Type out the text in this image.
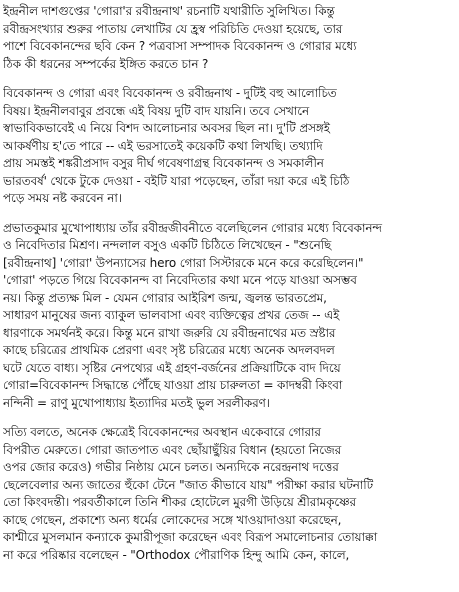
ইন্দ্রনীল দাশগুপ্তের 'গোরা'র রবীন্দ্রনাথ' রচনাটি যথারীতি সুলিখিত। কিন্তু
রবীন্দ্রসংখ্যার শুরুর পাতায় লেখাটির যে হ্রস্ব পরিচিতি দেওয়া হয়েছে, তার
পাশে বিবেকানন্দের ছবি কেন ? পত্রবাসা সম্পাদক বিবেকানন্দ ও গোরার মধ্যে
ঠিক কী ধরনের সম্পর্কের ইঙ্গিত করতে চান ?
বিবেকানন্দ ও গোরা এবং বিবেকানন্দ ও রবীন্দ্রনাথ - দুটিই বহু আলোচিত
বিষয়। ইন্দ্রনীলবাবুর প্রবন্ধে এই বিষয় দুটি বাদ যায়নি। তবে সেখানে
স্বাভাবিকভাবেই এ নিয়ে বিশদ আলোচনার অবসর ছিল না। দু'টি প্রসঙ্গই
আকর্ষণীয় হ'তে পারে -- এই ভরসাতেই কয়েকটি কথা লিখছি। তথ্যাদি
প্রায় সমস্তই শঙ্করীপ্রসাদ বসুর দীর্ঘ গবেষণাগ্রন্থ বিবেকানন্দ ও সমকালীন
ভারতবর্ষ' থেকে টুকে দেওয়া - বইটি যারা পড়েছেন, তাঁরা দয়া করে এই চিঠি
পড়ে সময় নষ্ট করবেন না।
প্রভাতকুমার মুখোপাধ্যায় তাঁর রবীন্দ্রজীবনীতে বলেছিলেন গোরার মধ্যে বিবেকানন্দ
ও নিবেদিতার মিশ্রণ। নন্দলাল বসুও একটি চিঠিতে লিখেছেন - "শুনেছি
[রবীন্দ্রনাথ] 'গোরা' উপন্যাসের hero গোরা সিস্টারকে মনে করে করেছিলেন।"
'গোরা' পড়তে গিয়ে বিবেকানন্দ বা নিবেদিতার কথা মনে পড়ে যাওয়া অসম্ভব
নয়। কিন্তু প্রত্যক্ষ মিল - যেমন গোরার আইরিশ জন্ম, জ্বলন্ত ভারতপ্রেম,
সাধারণ মানুষের জন্য ব্যাকুল ভালবাসা এবং ব্যক্তিত্বের প্রখর তেজ -- এই
ধারণাকে সমর্থনই করে। কিন্তু মনে রাখা জরুরি যে রবীন্দ্রনাথের মত স্রষ্টার
কাছে চরিত্রের প্রাথমিক প্রেরণা এবং সৃষ্ট চরিত্রের মধ্যে অনেক অদলবদল
ঘটে যেতে বাধ্য। সৃষ্টির নেপথ্যের এই গ্রহণ-বর্জনের প্রক্রিয়াটিকে বাদ দিয়ে
গোরা=বিবেকানন্দ সিদ্ধান্তে পৌঁছে যাওয়া প্রায় চারুলতা = কাদম্বরী কিংবা
নন্দিনী = রাণু মুখোপাধ্যায় ইত্যাদির মতই ভুল সরলীকরণ।
সত্যি বলতে, অনেক ক্ষেত্রেই বিবেকানন্দের অবস্থান একেবারে গোরার
বিপরীত মেরুতে। গোরা জাতপাত এবং ছোঁয়াছুঁয়ির বিধান (হয়তো নিজের
ওপর জোর করেও) গভীর নিষ্ঠায় মেনে চলত। অন্যদিকে নরেন্দ্রনাথ দত্তের
ছেলেবেলার অন্য জাতের হুঁকো টেনে "জাত কীভাবে যায়" পরীক্ষা করার ঘটনাটি
তো কিংবদন্তী। পরবর্তীকালে তিনি শীকর হোটেলে মুরগী উড়িয়ে শ্রীরামকৃষ্ণের
কাছে গেছেন, প্রকাশ্যে অন্য ধর্মের লোকেদের সঙ্গে খাওয়াদাওয়া করেছেন,
কাশ্মীরে মুসলমান কন্যাকে কুমারীপূজা করেছেন এবং বিরূপ সমালোচনার তোয়াক্কা
না করে পরিষ্কার বলেছেন - "Orthodox পৌরাণিক হিন্দু আমি কেন, কালে,
